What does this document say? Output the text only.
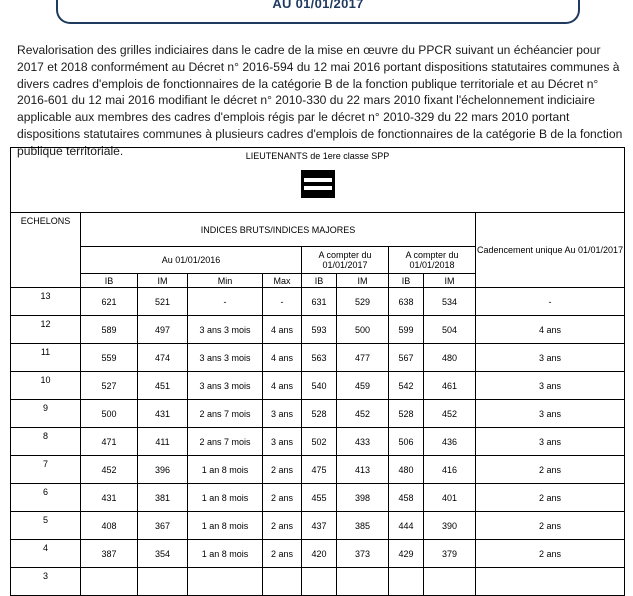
AU 01/01/2017
Revalorisation des grilles indiciaires dans le cadre de la mise en œuvre du PPCR suivant un échéancier pour 2017 et 2018 conformément au Décret n° 2016-594 du 12 mai 2016 portant dispositions statutaires communes à divers cadres d'emplois de fonctionnaires de la catégorie B de la fonction publique territoriale et au Décret n° 2016-601 du 12 mai 2016 modifiant le décret n° 2010-330 du 22 mars 2010 fixant l'échelonnement indiciaire applicable aux membres des cadres d'emplois régis par le décret n° 2010-329 du 22 mars 2010 portant dispositions statutaires communes à plusieurs cadres d'emplois de fonctionnaires de la catégorie B de la fonction publique territoriale.	LIEUTENANTS de 1ere classe SPP									

ECHELONS	INDICES BRUTS/INDICES MAJORES								Cadencement unique Au 01/01/2017
	Au 01/01/2016				A compter du 01/01/2017		A compter du 01/01/2018		
	IB	IM	Min	Max	IB	IM	IB	IM	
13	621	521	-	-	631	529	638	534	-
12	589	497	3 ans 3 mois	4 ans	593	500	599	504	4 ans
11	559	474	3 ans 3 mois	4 ans	563	477	567	480	3 ans
10	527	451	3 ans 3 mois	4 ans	540	459	542	461	3 ans
9	500	431	2 ans 7 mois	3 ans	528	452	528	452	3 ans
8	471	411	2 ans 7 mois	3 ans	502	433	506	436	3 ans
7	452	396	1 an 8 mois	2 ans	475	413	480	416	2 ans
6	431	381	1 an 8 mois	2 ans	455	398	458	401	2 ans
5	408	367	1 an 8 mois	2 ans	437	385	444	390	2 ans
4	387	354	1 an 8 mois	2 ans	420	373	429	379	2 ans
3									
